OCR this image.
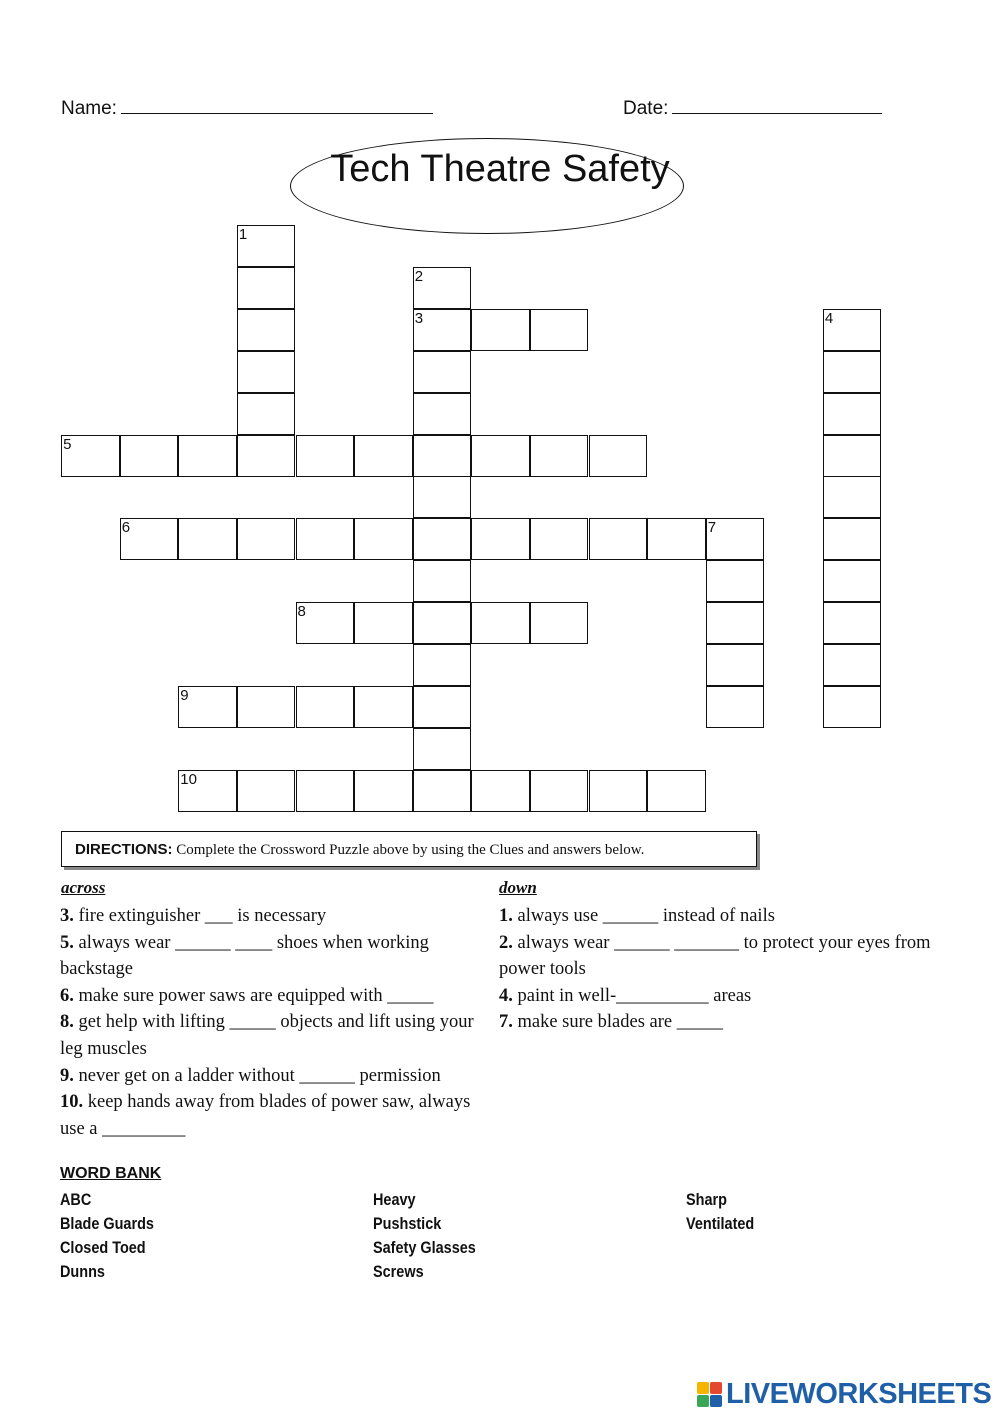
Name:	Date:
Tech Theatre Safety
1
2
3	4
5
6	7
8
9
10
DIRECTIONS: Complete the Crossword Puzzle above by using the Clues and answers below.
across	down
3. fire extinguisher ___ is necessary
5. always wear ______ ____ shoes when working backstage
6. make sure power saws are equipped with _____
8. get help with lifting _____ objects and lift using your leg muscles
9. never get on a ladder without ______ permission
10. keep hands away from blades of power saw, always use a _________
1. always use ______ instead of nails
2. always wear ______ _______ to protect your eyes from power tools
4. paint in well-__________ areas
7. make sure blades are _____
WORD BANK
ABC
Blade Guards
Closed Toed
Dunns
Heavy
Pushstick
Safety Glasses
Screws
Sharp
Ventilated
LIVEWORKSHEETS
